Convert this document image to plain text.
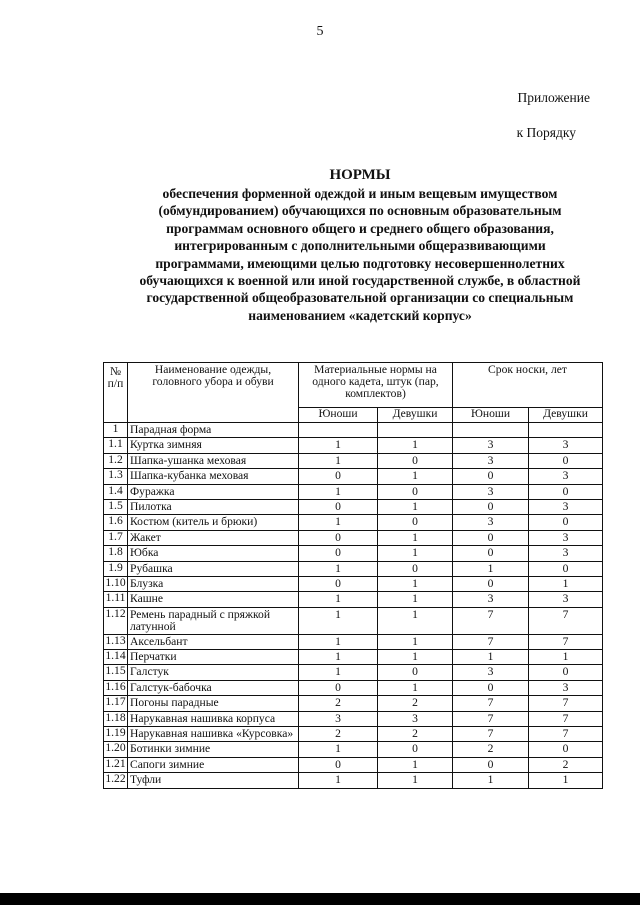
5
Приложение
к Порядку
НОРМЫ
обеспечения форменной одеждой и иным вещевым имуществом
(обмундированием) обучающихся по основным образовательным
программам основного общего и среднего общего образования,
интегрированным с дополнительными общеразвивающими
программами, имеющими целью подготовку несовершеннолетних
обучающихся к военной или иной государственной службе, в областной
государственной общеобразовательной организации со специальным
наименованием «кадетский корпус»
№ п/п	Наименование одежды, головного убора и обуви	Материальные нормы на одного кадета, штук (пар, комплектов)		Срок носки, лет	
		Юноши	Девушки	Юноши	Девушки
1	Парадная форма				
1.1	Куртка зимняя	1	1	3	3
1.2	Шапка-ушанка меховая	1	0	3	0
1.3	Шапка-кубанка меховая	0	1	0	3
1.4	Фуражка	1	0	3	0
1.5	Пилотка	0	1	0	3
1.6	Костюм (китель и брюки)	1	0	3	0
1.7	Жакет	0	1	0	3
1.8	Юбка	0	1	0	3
1.9	Рубашка	1	0	1	0
1.10	Блузка	0	1	0	1
1.11	Кашне	1	1	3	3
1.12	Ремень парадный с пряжкой латунной	1	1	7	7
1.13	Аксельбант	1	1	7	7
1.14	Перчатки	1	1	1	1
1.15	Галстук	1	0	3	0
1.16	Галстук-бабочка	0	1	0	3
1.17	Погоны парадные	2	2	7	7
1.18	Нарукавная нашивка корпуса	3	3	7	7
1.19	Нарукавная нашивка «Курсовка»	2	2	7	7
1.20	Ботинки зимние	1	0	2	0
1.21	Сапоги зимние	0	1	0	2
1.22	Туфли	1	1	1	1
